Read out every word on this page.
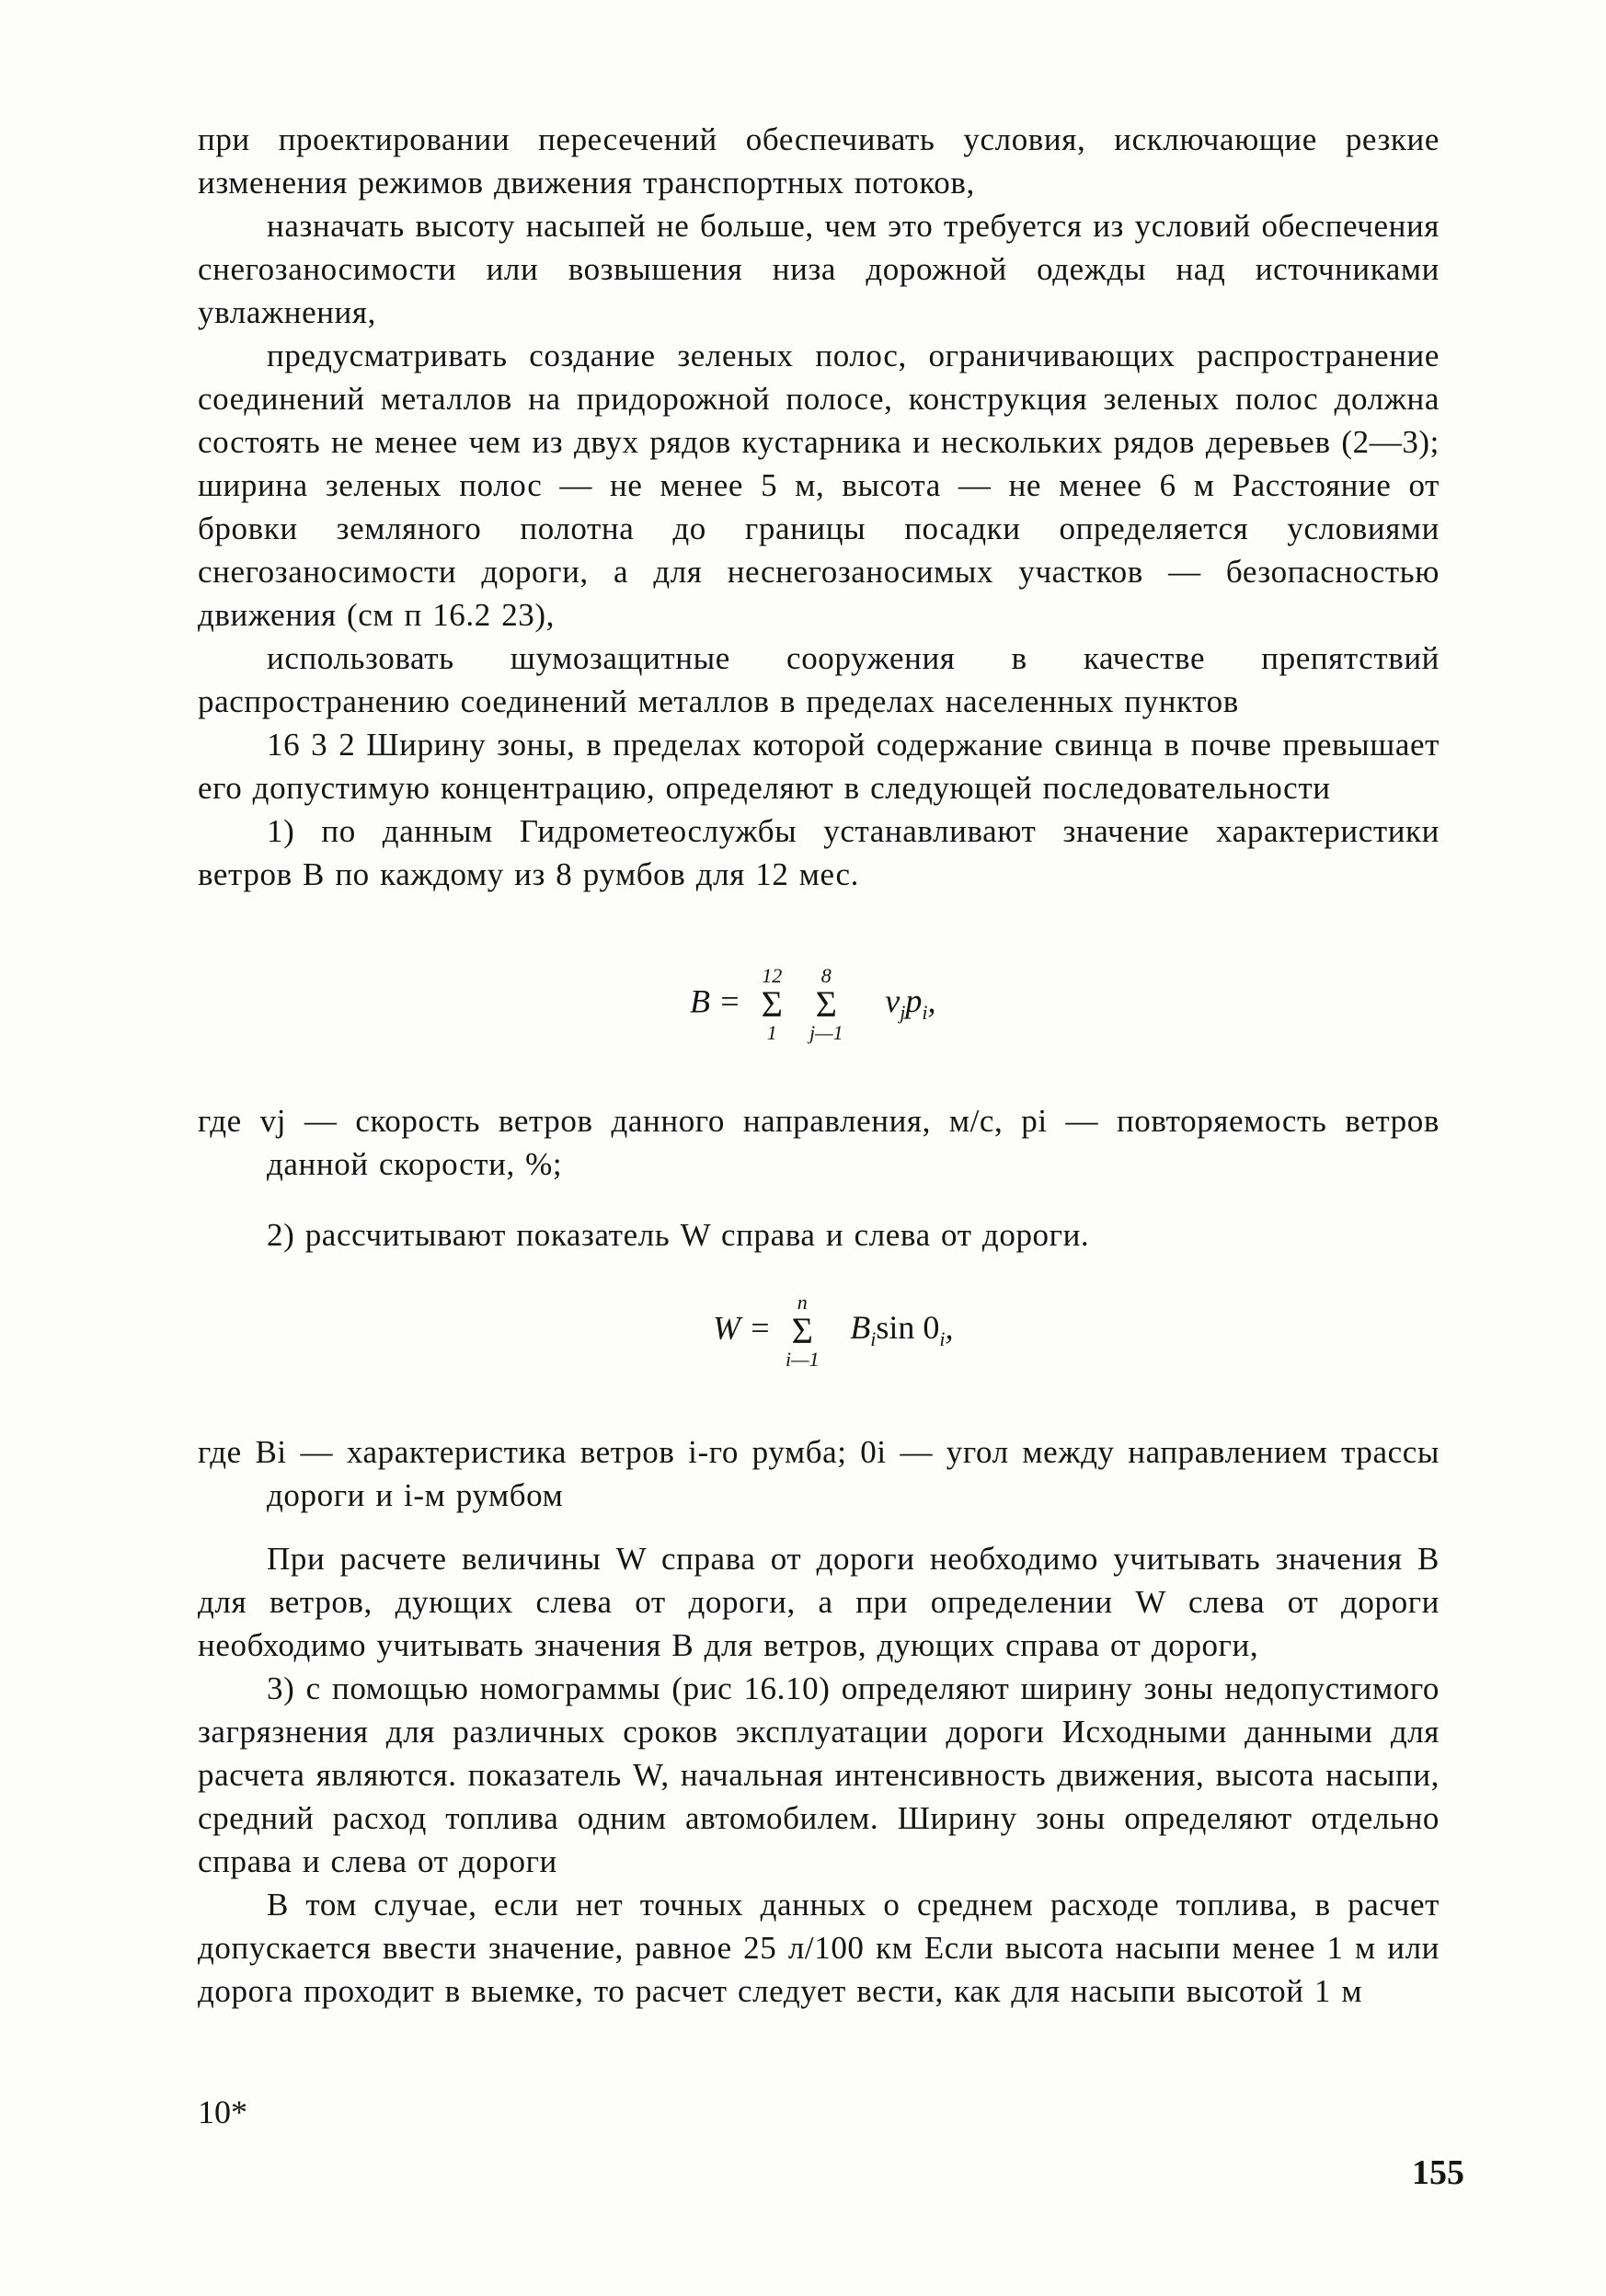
при проектировании пересечений обеспечивать условия, исключающие резкие изменения режимов движения транспортных потоков,

назначать высоту насыпей не больше, чем это требуется из условий обеспечения снегозаносимости или возвышения низа дорожной одежды над источниками увлажнения,

предусматривать создание зеленых полос, ограничивающих распространение соединений металлов на придорожной полосе, конструкция зеленых полос должна состоять не менее чем из двух рядов кустарника и нескольких рядов деревьев (2—3); ширина зеленых полос — не менее 5 м, высота — не менее 6 м Расстояние от бровки земляного полотна до границы посадки определяется условиями снегозаносимости дороги, а для неснегозаносимых участков — безопасностью движения (см п 16.2 23),

использовать шумозащитные сооружения в качестве препятствий распространению соединений металлов в пределах населенных пунктов

16 3 2 Ширину зоны, в пределах которой содержание свинца в почве превышает его допустимую концентрацию, определяют в следующей последовательности

1) по данным Гидрометеослужбы устанавливают значение характеристики ветров B по каждому из 8 румбов для 12 мес.

B =
12
Σ
1

8
Σ
j—1
$v_jp_i$,

где vj — скорость ветров данного направления, м/с, pi — повторяемость ветров данной скорости, %;

2) рассчитывают показатель W справа и слева от дороги.

W =
n
Σ
i—1
$B_i\sin$ $0_i$,

где Bi — характеристика ветров i-го румба; 0i — угол между направлением трассы дороги и i-м румбом

При расчете величины W справа от дороги необходимо учитывать значения B для ветров, дующих слева от дороги, а при определении W слева от дороги необходимо учитывать значения B для ветров, дующих справа от дороги,

3) с помощью номограммы (рис 16.10) определяют ширину зоны недопустимого загрязнения для различных сроков эксплуатации дороги Исходными данными для расчета являются. показатель W, начальная интенсивность движения, высота насыпи, средний расход топлива одним автомобилем. Ширину зоны определяют отдельно справа и слева от дороги

В том случае, если нет точных данных о среднем расходе топлива, в расчет допускается ввести значение, равное 25 л/100 км Если высота насыпи менее 1 м или дорога проходит в выемке, то расчет следует вести, как для насыпи высотой 1 м

10*
155
